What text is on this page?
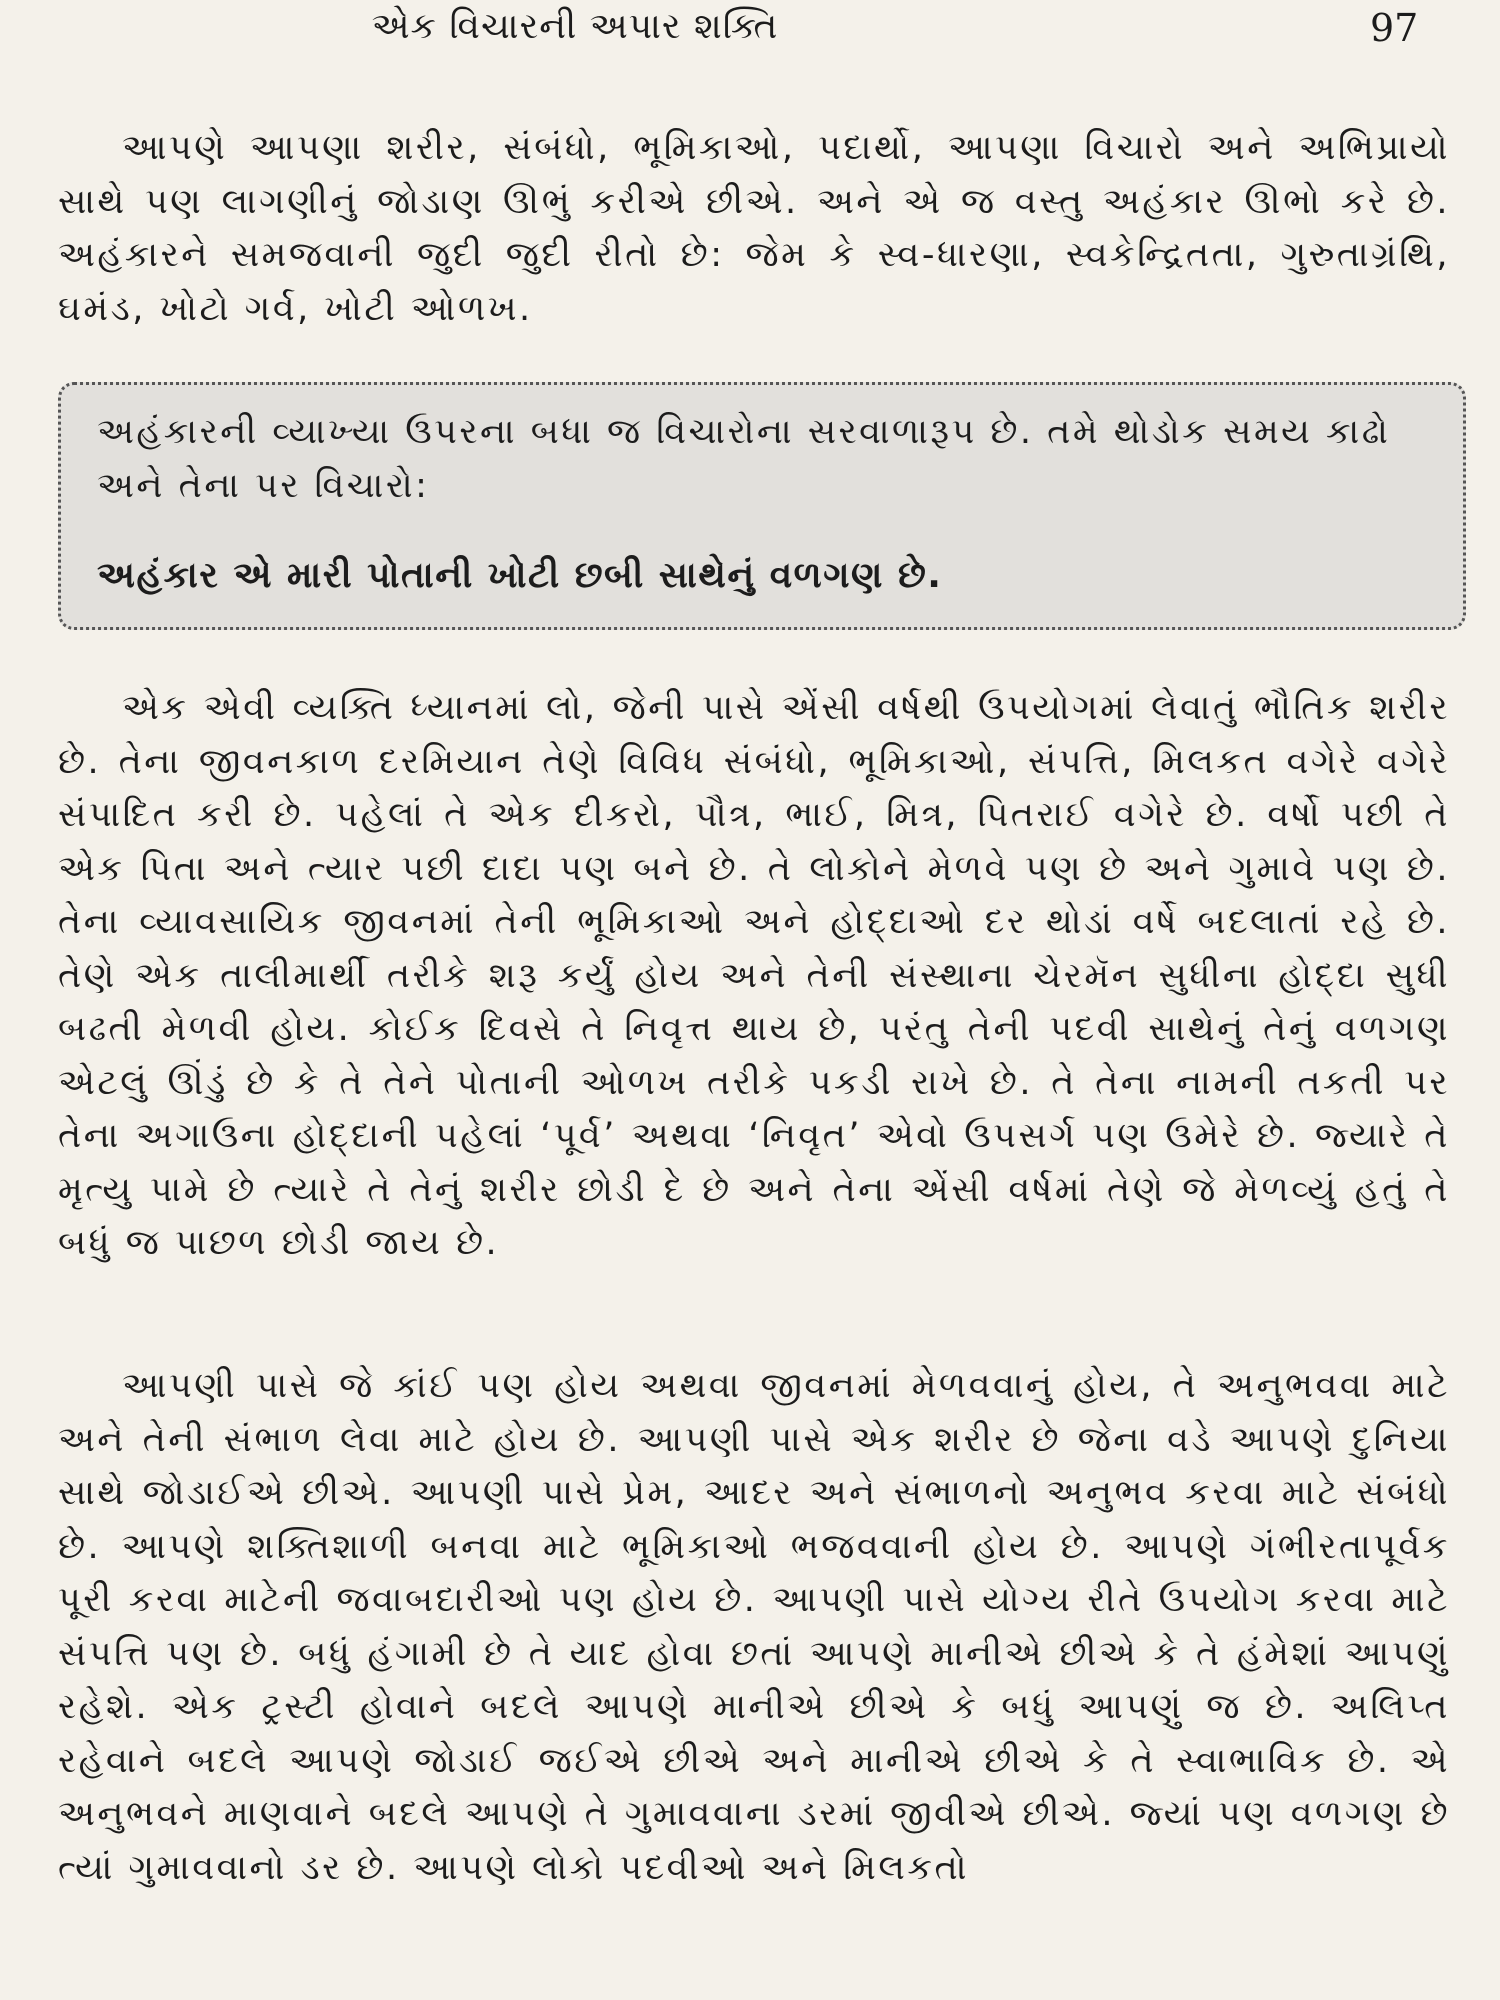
એક વિચારની અપાર શક્તિ	97

આપણે આપણા શરીર, સંબંધો, ભૂમિકાઓ, પદાર્થો, આપણા વિચારો અને અભિપ્રાયો સાથે પણ લાગણીનું જોડાણ ઊભું કરીએ છીએ. અને એ જ વસ્તુ અહંકાર ઊભો કરે છે. અહંકારને સમજવાની જુદી જુદી રીતો છે: જેમ કે સ્વ-ધારણા, સ્વકેન્દ્રિતતા, ગુરુતાગ્રંથિ, ઘમંડ, ખોટો ગર્વ, ખોટી ઓળખ.

અહંકારની વ્યાખ્યા ઉપરના બધા જ વિચારોના સરવાળારૂપ છે. તમે થોડોક સમય કાઢો અને તેના પર વિચારો:

અહંકાર એ મારી પોતાની ખોટી છબી સાથેનું વળગણ છે.

એક એવી વ્યક્તિ ધ્યાનમાં લો, જેની પાસે એંસી વર્ષથી ઉપયોગમાં લેવાતું ભૌતિક શરીર છે. તેના જીવનકાળ દરમિયાન તેણે વિવિધ સંબંધો, ભૂમિકાઓ, સંપત્તિ, મિલકત વગેરે વગેરે સંપાદિત કરી છે. પહેલાં તે એક દીકરો, પૌત્ર, ભાઈ, મિત્ર, પિતરાઈ વગેરે છે. વર્ષો પછી તે એક પિતા અને ત્યાર પછી દાદા પણ બને છે. તે લોકોને મેળવે પણ છે અને ગુમાવે પણ છે. તેના વ્યાવસાયિક જીવનમાં તેની ભૂમિકાઓ અને હોદ્દાઓ દર થોડાં વર્ષે બદલાતાં રહે છે. તેણે એક તાલીમાર્થી તરીકે શરૂ કર્યું હોય અને તેની સંસ્થાના ચેરમૅન સુધીના હોદ્દા સુધી બઢતી મેળવી હોય. કોઈક દિવસે તે નિવૃત્ત થાય છે, પરંતુ તેની પદવી સાથેનું તેનું વળગણ એટલું ઊંડું છે કે તે તેને પોતાની ઓળખ તરીકે પકડી રાખે છે. તે તેના નામની તકતી પર તેના અગાઉના હોદ્દાની પહેલાં ‘પૂર્વ’ અથવા ‘નિવૃત’ એવો ઉપસર્ગ પણ ઉમેરે છે. જ્યારે તે મૃત્યુ પામે છે ત્યારે તે તેનું શરીર છોડી દે છે અને તેના એંસી વર્ષમાં તેણે જે મેળવ્યું હતું તે બધું જ પાછળ છોડી જાય છે.

આપણી પાસે જે કાંઈ પણ હોય અથવા જીવનમાં મેળવવાનું હોય, તે અનુભવવા માટે અને તેની સંભાળ લેવા માટે હોય છે. આપણી પાસે એક શરીર છે જેના વડે આપણે દુનિયા સાથે જોડાઈએ છીએ. આપણી પાસે પ્રેમ, આદર અને સંભાળનો અનુભવ કરવા માટે સંબંધો છે. આપણે શક્તિશાળી બનવા માટે ભૂમિકાઓ ભજવવાની હોય છે. આપણે ગંભીરતાપૂર્વક પૂરી કરવા માટેની જવાબદારીઓ પણ હોય છે. આપણી પાસે યોગ્ય રીતે ઉપયોગ કરવા માટે સંપત્તિ પણ છે. બધું હંગામી છે તે યાદ હોવા છતાં આપણે માનીએ છીએ કે તે હંમેશાં આપણું રહેશે. એક ટ્રસ્ટી હોવાને બદલે આપણે માનીએ છીએ કે બધું આપણું જ છે. અલિપ્ત રહેવાને બદલે આપણે જોડાઈ જઈએ છીએ અને માનીએ છીએ કે તે સ્વાભાવિક છે. એ અનુભવને માણવાને બદલે આપણે તે ગુમાવવાના ડરમાં જીવીએ છીએ. જ્યાં પણ વળગણ છે ત્યાં ગુમાવવાનો ડર છે. આપણે લોકો પદવીઓ અને મિલકતો
